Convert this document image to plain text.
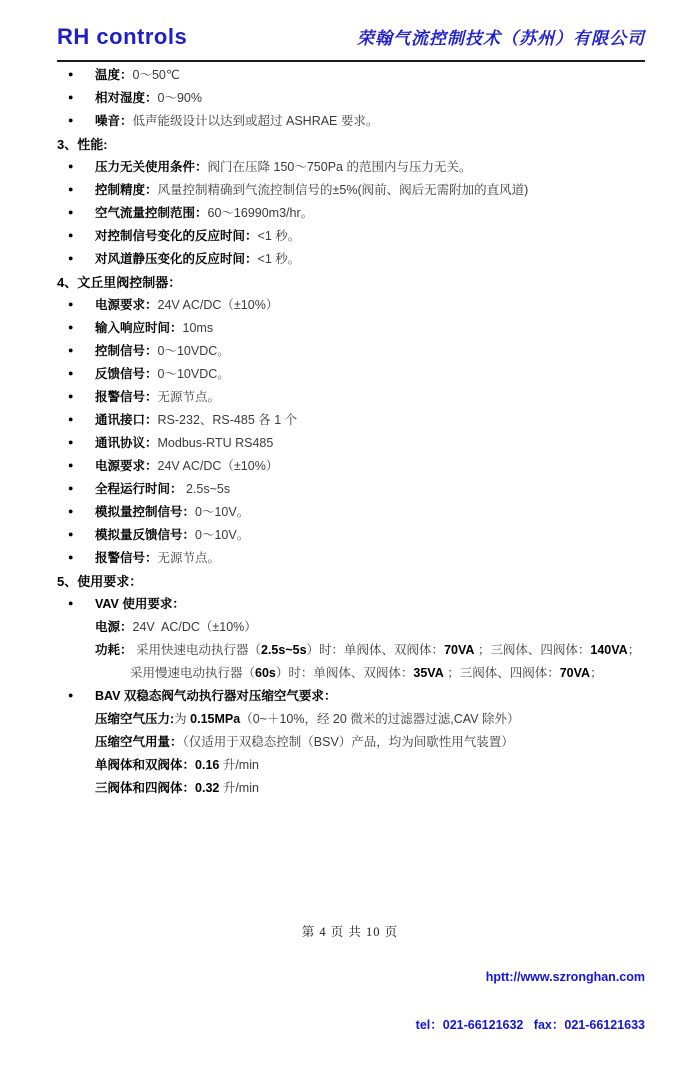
RH controls	荣翰气流控制技术（苏州）有限公司
● 温度：0～50℃
● 相对湿度：0～90%
● 噪音：低声能级设计以达到或超过 ASHRAE 要求。
3、性能:
● 压力无关使用条件：阀门在压降 150～750Pa 的范围内与压力无关。
● 控制精度：风量控制精确到气流控制信号的±5%(阀前、阀后无需附加的直风道)
● 空气流量控制范围：60～16990m3/hr。
● 对控制信号变化的反应时间：<1 秒。
● 对风道静压变化的反应时间：<1 秒。
4、文丘里阀控制器：
● 电源要求：24V AC/DC（±10%）
● 输入响应时间：10ms
● 控制信号：0～10VDC。
● 反馈信号：0～10VDC。
● 报警信号：无源节点。
● 通讯接口：RS-232、RS-485 各 1 个
● 通讯协议：Modbus-RTU RS485
● 电源要求：24V AC/DC（±10%）
● 全程运行时间： 2.5s~5s
● 模拟量控制信号：0～10V。
● 模拟量反馈信号：0～10V。
● 报警信号：无源节点。
5、使用要求：
● VAV 使用要求：
电源：24V  AC/DC（±10%）
功耗： 采用快速电动执行器（2.5s~5s）时：单阀体、双阀体：70VA ；三阀体、四阀体：140VA；
采用慢速电动执行器（60s）时：单阀体、双阀体：35VA ；三阀体、四阀体：70VA；
● BAV 双稳态阀气动执行器对压缩空气要求：
压缩空气压力:为 0.15MPa（0~＋10%，经 20 微米的过滤器过滤,CAV 除外）
压缩空气用量：（仅适用于双稳态控制（BSV）产品，均为间歇性用气装置）
单阀体和双阀体：0.16 升/min
三阀体和四阀体：0.32 升/min
第 4 页 共 10 页

hptt://www.szronghan.com

tel：021-66121632   fax：021-66121633
